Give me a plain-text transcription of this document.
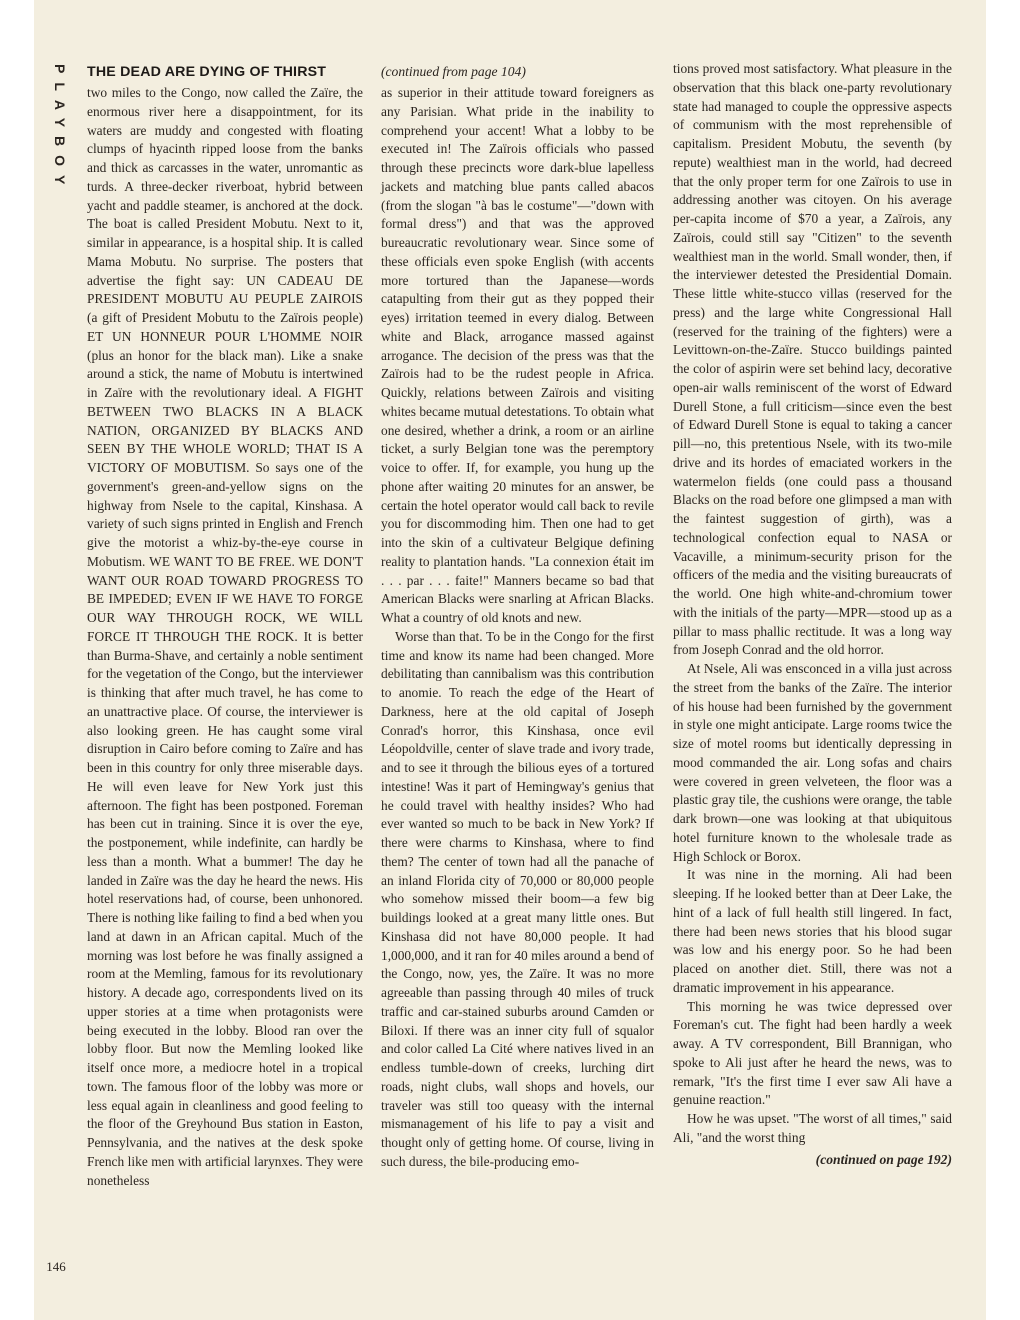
PLAYBOY
146
THE DEAD ARE DYING OF THIRST

two miles to the Congo, now called the Zaïre, the enormous river here a disappointment, for its waters are muddy and congested with floating clumps of hyacinth ripped loose from the banks and thick as carcasses in the water, unromantic as turds. A three-decker riverboat, hybrid between yacht and paddle steamer, is anchored at the dock. The boat is called President Mobutu. Next to it, similar in appearance, is a hospital ship. It is called Mama Mobutu. No surprise. The posters that advertise the fight say: UN CADEAU DE PRESIDENT MOBUTU AU PEUPLE ZAIROIS (a gift of President Mobutu to the Zaïrois people) ET UN HONNEUR POUR L'HOMME NOIR (plus an honor for the black man). Like a snake around a stick, the name of Mobutu is intertwined in Zaïre with the revolutionary ideal. A FIGHT BETWEEN TWO BLACKS IN A BLACK NATION, ORGANIZED BY BLACKS AND SEEN BY THE WHOLE WORLD; THAT IS A VICTORY OF MOBUTISM. So says one of the government's green-and-yellow signs on the highway from Nsele to the capital, Kinshasa. A variety of such signs printed in English and French give the motorist a whiz-by-the-eye course in Mobutism. WE WANT TO BE FREE. WE DON'T WANT OUR ROAD TOWARD PROGRESS TO BE IMPEDED; EVEN IF WE HAVE TO FORGE OUR WAY THROUGH ROCK, WE WILL FORCE IT THROUGH THE ROCK. It is better than Burma-Shave, and certainly a noble sentiment for the vegetation of the Congo, but the interviewer is thinking that after much travel, he has come to an unattractive place. Of course, the interviewer is also looking green. He has caught some viral disruption in Cairo before coming to Zaïre and has been in this country for only three miserable days. He will even leave for New York just this afternoon. The fight has been postponed. Foreman has been cut in training. Since it is over the eye, the postponement, while indefinite, can hardly be less than a month. What a bummer! The day he landed in Zaïre was the day he heard the news. His hotel reservations had, of course, been unhonored. There is nothing like failing to find a bed when you land at dawn in an African capital. Much of the morning was lost before he was finally assigned a room at the Memling, famous for its revolutionary history. A decade ago, correspondents lived on its upper stories at a time when protagonists were being executed in the lobby. Blood ran over the lobby floor. But now the Memling looked like itself once more, a mediocre hotel in a tropical town. The famous floor of the lobby was more or less equal again in cleanliness and good feeling to the floor of the Greyhound Bus station in Easton, Pennsylvania, and the natives at the desk spoke French like men with artificial larynxes. They were nonetheless

(continued from page 104)

as superior in their attitude toward foreigners as any Parisian. What pride in the inability to comprehend your accent! What a lobby to be executed in! The Zaïrois officials who passed through these precincts wore dark-blue lapelless jackets and matching blue pants called abacos (from the slogan "à bas le costume"—"down with formal dress") and that was the approved bureaucratic revolutionary wear. Since some of these officials even spoke English (with accents more tortured than the Japanese—words catapulting from their gut as they popped their eyes) irritation teemed in every dialog. Between white and Black, arrogance massed against arrogance. The decision of the press was that the Zaïrois had to be the rudest people in Africa. Quickly, relations between Zaïrois and visiting whites became mutual detestations. To obtain what one desired, whether a drink, a room or an airline ticket, a surly Belgian tone was the peremptory voice to offer. If, for example, you hung up the phone after waiting 20 minutes for an answer, be certain the hotel operator would call back to revile you for discommoding him. Then one had to get into the skin of a cultivateur Belgique defining reality to plantation hands. "La connexion était im . . . par . . . faite!" Manners became so bad that American Blacks were snarling at African Blacks. What a country of old knots and new.

Worse than that. To be in the Congo for the first time and know its name had been changed. More debilitating than cannibalism was this contribution to anomie. To reach the edge of the Heart of Darkness, here at the old capital of Joseph Conrad's horror, this Kinshasa, once evil Léopoldville, center of slave trade and ivory trade, and to see it through the bilious eyes of a tortured intestine! Was it part of Hemingway's genius that he could travel with healthy insides? Who had ever wanted so much to be back in New York? If there were charms to Kinshasa, where to find them? The center of town had all the panache of an inland Florida city of 70,000 or 80,000 people who somehow missed their boom—a few big buildings looked at a great many little ones. But Kinshasa did not have 80,000 people. It had 1,000,000, and it ran for 40 miles around a bend of the Congo, now, yes, the Zaïre. It was no more agreeable than passing through 40 miles of truck traffic and car-stained suburbs around Camden or Biloxi. If there was an inner city full of squalor and color called La Cité where natives lived in an endless tumble-down of creeks, lurching dirt roads, night clubs, wall shops and hovels, our traveler was still too queasy with the internal mismanagement of his life to pay a visit and thought only of getting home. Of course, living in such duress, the bile-producing emo-

tions proved most satisfactory. What pleasure in the observation that this black one-party revolutionary state had managed to couple the oppressive aspects of communism with the most reprehensible of capitalism. President Mobutu, the seventh (by repute) wealthiest man in the world, had decreed that the only proper term for one Zaïrois to use in addressing another was citoyen. On his average per-capita income of $70 a year, a Zaïrois, any Zaïrois, could still say "Citizen" to the seventh wealthiest man in the world. Small wonder, then, if the interviewer detested the Presidential Domain. These little white-stucco villas (reserved for the press) and the large white Congressional Hall (reserved for the training of the fighters) were a Levittown-on-the-Zaïre. Stucco buildings painted the color of aspirin were set behind lacy, decorative open-air walls reminiscent of the worst of Edward Durell Stone, a full criticism—since even the best of Edward Durell Stone is equal to taking a cancer pill—no, this pretentious Nsele, with its two-mile drive and its hordes of emaciated workers in the watermelon fields (one could pass a thousand Blacks on the road before one glimpsed a man with the faintest suggestion of girth), was a technological confection equal to NASA or Vacaville, a minimum-security prison for the officers of the media and the visiting bureaucrats of the world. One high white-and-chromium tower with the initials of the party—MPR—stood up as a pillar to mass phallic rectitude. It was a long way from Joseph Conrad and the old horror.

At Nsele, Ali was ensconced in a villa just across the street from the banks of the Zaïre. The interior of his house had been furnished by the government in style one might anticipate. Large rooms twice the size of motel rooms but identically depressing in mood commanded the air. Long sofas and chairs were covered in green velveteen, the floor was a plastic gray tile, the cushions were orange, the table dark brown—one was looking at that ubiquitous hotel furniture known to the wholesale trade as High Schlock or Borox.

It was nine in the morning. Ali had been sleeping. If he looked better than at Deer Lake, the hint of a lack of full health still lingered. In fact, there had been news stories that his blood sugar was low and his energy poor. So he had been placed on another diet. Still, there was not a dramatic improvement in his appearance.

This morning he was twice depressed over Foreman's cut. The fight had been hardly a week away. A TV correspondent, Bill Brannigan, who spoke to Ali just after he heard the news, was to remark, "It's the first time I ever saw Ali have a genuine reaction."

How he was upset. "The worst of all times," said Ali, "and the worst thing

(continued on page 192)
